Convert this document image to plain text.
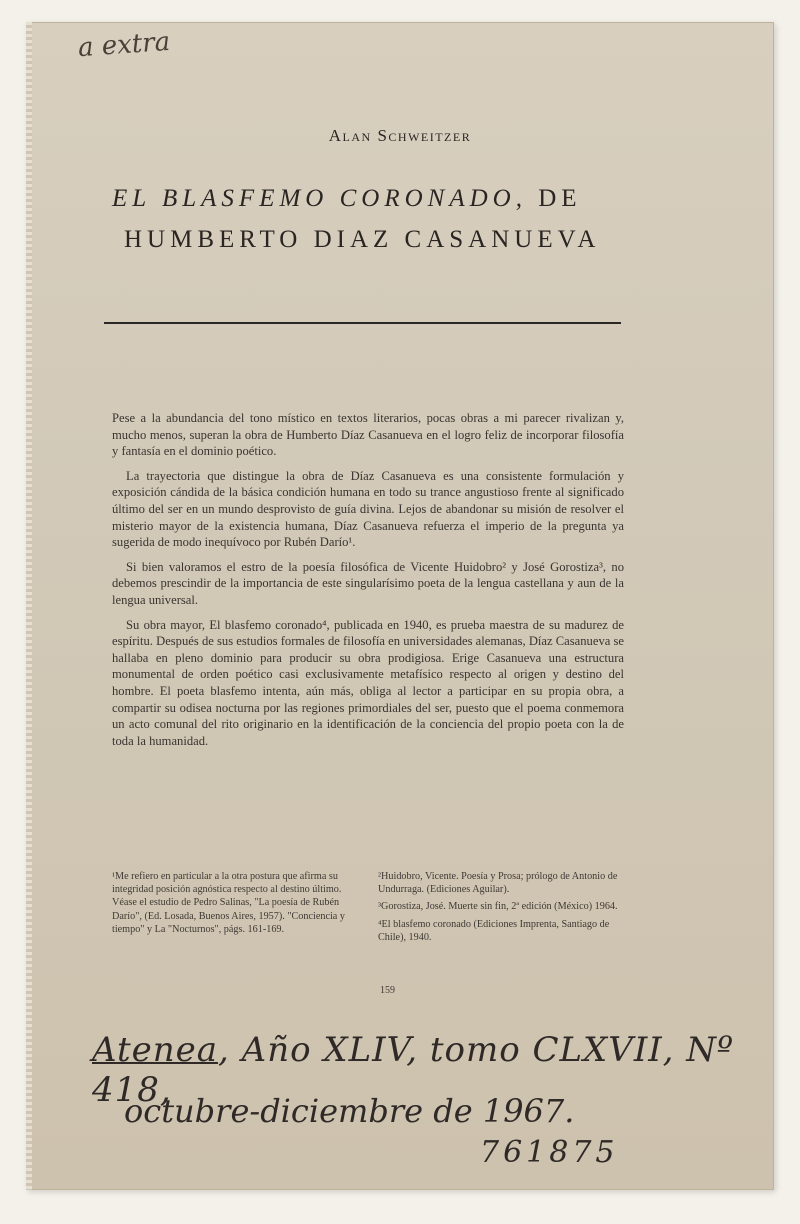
a extra
Alan Schweitzer
EL BLASFEMO CORONADO, DE
HUMBERTO DIAZ CASANUEVA

Pese a la abundancia del tono místico en textos literarios, pocas obras a mi parecer rivalizan y, mucho menos, superan la obra de Humberto Díaz Casanueva en el logro feliz de incorporar filosofía y fantasía en el dominio poético.

La trayectoria que distingue la obra de Díaz Casanueva es una consistente formulación y exposición cándida de la básica condición humana en todo su trance angustioso frente al significado último del ser en un mundo desprovisto de guía divina. Lejos de abandonar su misión de resolver el misterio mayor de la existencia humana, Díaz Casanueva refuerza el imperio de la pregunta ya sugerida de modo inequívoco por Rubén Darío¹.

Si bien valoramos el estro de la poesía filosófica de Vicente Huidobro² y José Gorostiza³, no debemos prescindir de la importancia de este singularísimo poeta de la lengua castellana y aun de la lengua universal.

Su obra mayor, El blasfemo coronado⁴, publicada en 1940, es prueba maestra de su madurez de espíritu. Después de sus estudios formales de filosofía en universidades alemanas, Díaz Casanueva se hallaba en pleno dominio para producir su obra prodigiosa. Erige Casanueva una estructura monumental de orden poético casi exclusivamente metafísico respecto al origen y destino del hombre. El poeta blasfemo intenta, aún más, obliga al lector a participar en su propia obra, a compartir su odisea nocturna por las regiones primordiales del ser, puesto que el poema conmemora un acto comunal del rito originario en la identificación de la conciencia del propio poeta con la de toda la humanidad.

¹Me refiero en particular a la otra postura que afirma su integridad posición agnóstica respecto al destino último. Véase el estudio de Pedro Salinas, "La poesía de Rubén Darío", (Ed. Losada, Buenos Aires, 1957). "Conciencia y tiempo" y La "Nocturnos", págs. 161-169.

²Huidobro, Vicente. Poesía y Prosa; prólogo de Antonio de Undurraga. (Ediciones Aguilar).

³Gorostiza, José. Muerte sin fin, 2ª edición (México) 1964.

⁴El blasfemo coronado (Ediciones Imprenta, Santiago de Chile), 1940.

159
Atenea, Año XLIV, tomo CLXVII, Nº 418,
octubre-diciembre de 1967.
761875
